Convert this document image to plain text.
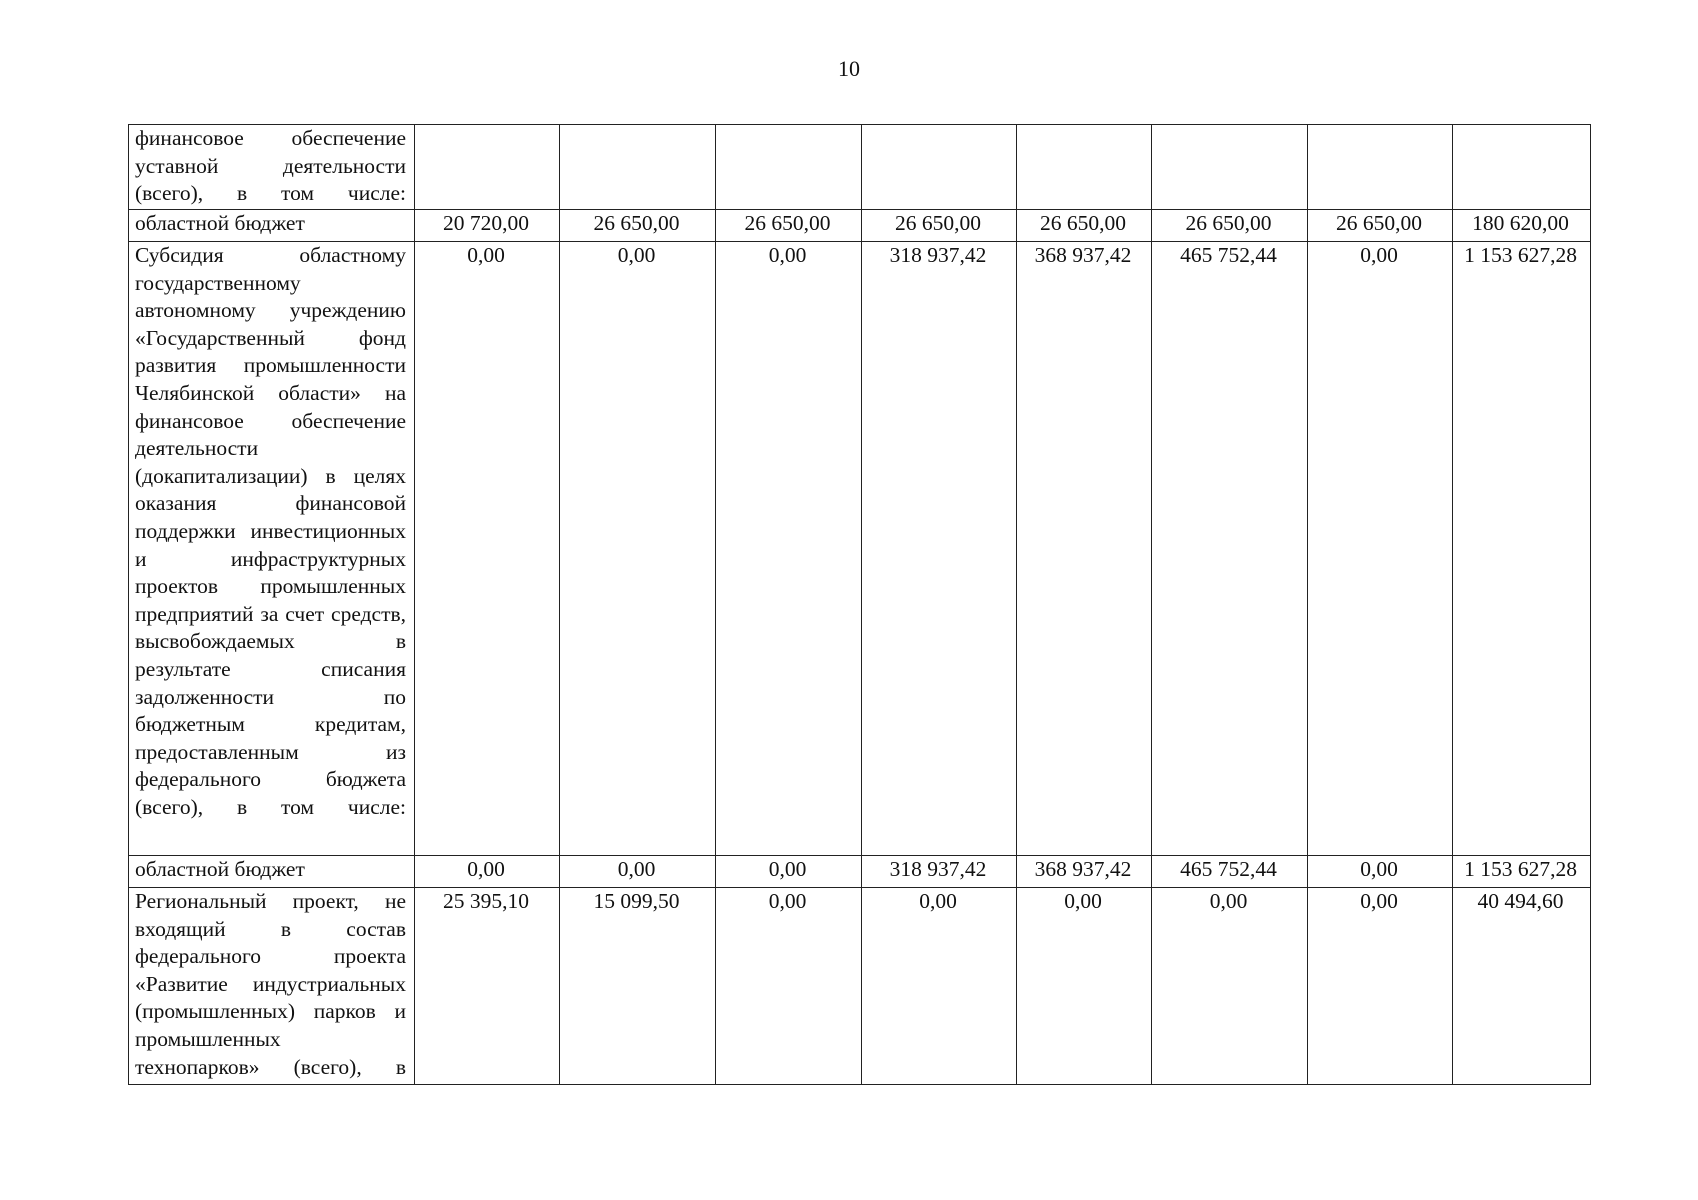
10
финансовое обеспечение уставной деятельности (всего), в том числе:								
областной бюджет	20 720,00	26 650,00	26 650,00	26 650,00	26 650,00	26 650,00	26 650,00	180 620,00
Субсидия областному государственному автономному учреждению «Государственный фонд развития промышленности Челябинской области» на финансовое обеспечение деятельности (докапитализации) в целях оказания финансовой поддержки инвестиционных и инфраструктурных проектов промышленных предприятий за счет средств, высвобождаемых в результате списания задолженности по бюджетным кредитам, предоставленным из федерального бюджета (всего), в том числе:	0,00	0,00	0,00	318 937,42	368 937,42	465 752,44	0,00	1 153 627,28
областной бюджет	0,00	0,00	0,00	318 937,42	368 937,42	465 752,44	0,00	1 153 627,28
Региональный проект, не входящий в состав федерального проекта «Развитие индустриальных (промышленных) парков и промышленных технопарков» (всего), в	25 395,10	15 099,50	0,00	0,00	0,00	0,00	0,00	40 494,60
